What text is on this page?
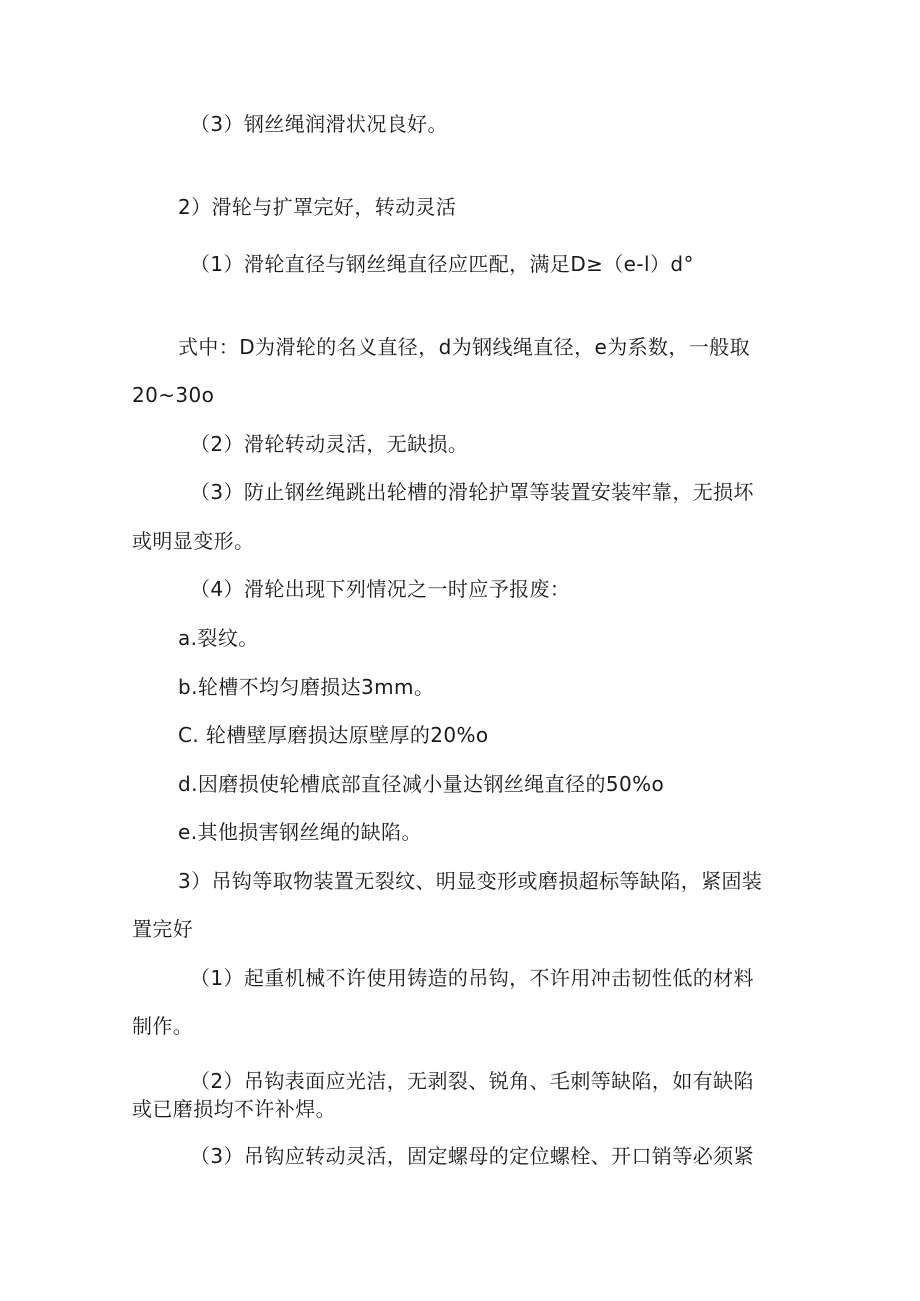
（3）钢丝绳润滑状况良好。

2）滑轮与扩罩完好，转动灵活

（1）滑轮直径与钢丝绳直径应匹配，满足D≥（e-l）d°

式中：D为滑轮的名义直径，d为钢线绳直径，e为系数，一般取

20~30o

（2）滑轮转动灵活，无缺损。

（3）防止钢丝绳跳出轮槽的滑轮护罩等装置安装牢靠，无损坏

或明显变形。

（4）滑轮出现下列情况之一时应予报废：

a.裂纹。

b.轮槽不均匀磨损达3mm。

C. 轮槽壁厚磨损达原壁厚的20%o

d.因磨损使轮槽底部直径减小量达钢丝绳直径的50%o

e.其他损害钢丝绳的缺陷。

3）吊钩等取物装置无裂纹、明显变形或磨损超标等缺陷，紧固装

置完好

（1）起重机械不许使用铸造的吊钩，不许用冲击韧性低的材料

制作。

（2）吊钩表面应光洁，无剥裂、锐角、毛刺等缺陷，如有缺陷

或已磨损均不许补焊。

（3）吊钩应转动灵活，固定螺母的定位螺栓、开口销等必须紧
